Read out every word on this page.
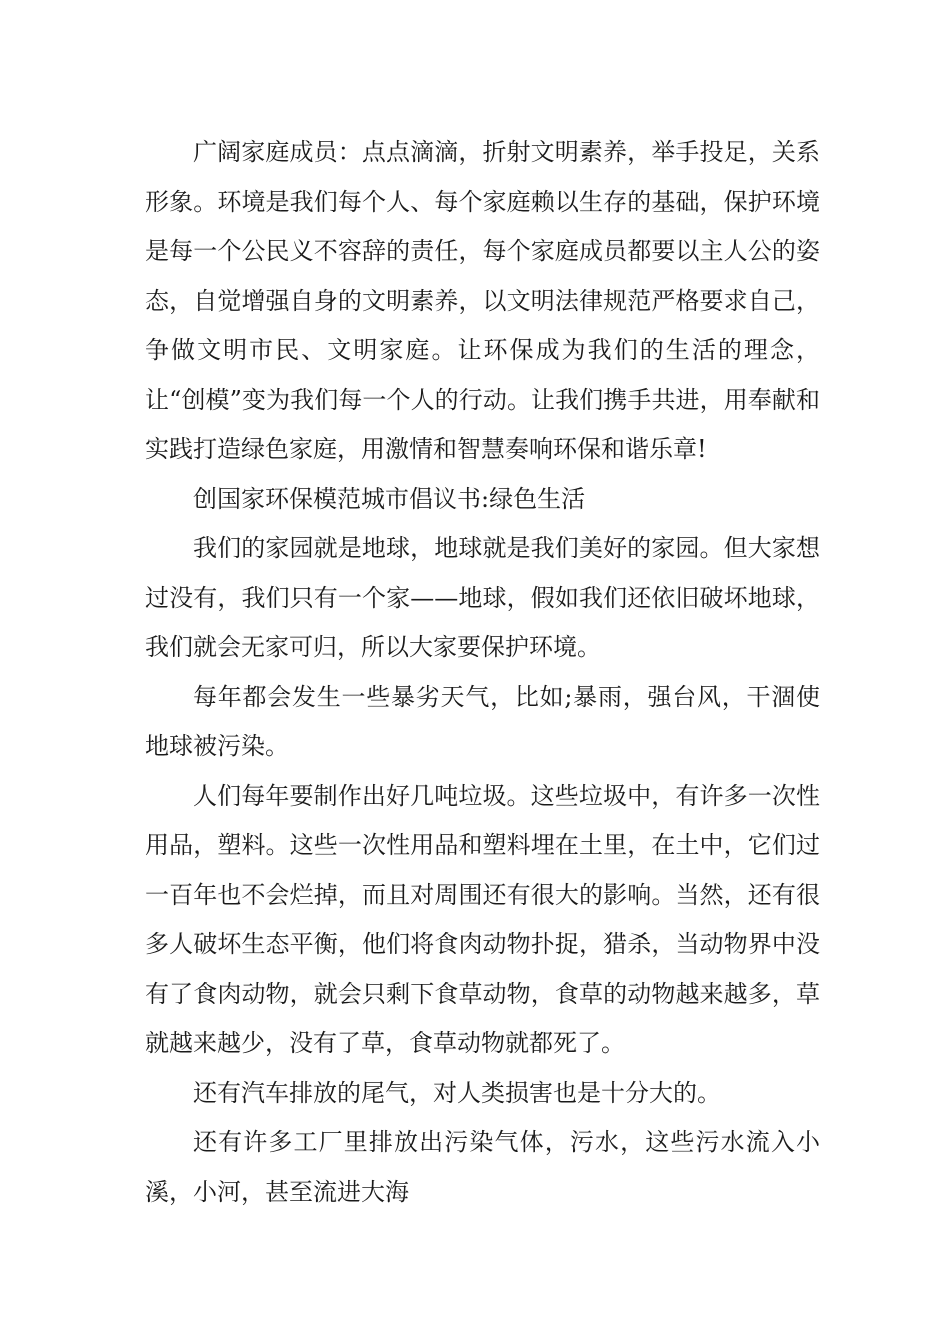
广阔家庭成员：点点滴滴，折射文明素养，举手投足，关系形象。环境是我们每个人、每个家庭赖以生存的基础，保护环境是每一个公民义不容辞的责任，每个家庭成员都要以主人公的姿态，自觉增强自身的文明素养，以文明法律规范严格要求自己，争做文明市民、文明家庭。让环保成为我们的生活的理念，让“创模”变为我们每一个人的行动。让我们携手共进，用奉献和实践打造绿色家庭，用激情和智慧奏响环保和谐乐章!

创国家环保模范城市倡议书:绿色生活

我们的家园就是地球，地球就是我们美好的家园。但大家想过没有，我们只有一个家——地球，假如我们还依旧破坏地球，我们就会无家可归，所以大家要保护环境。

每年都会发生一些暴劣天气，比如;暴雨，强台风，干涸使地球被污染。

人们每年要制作出好几吨垃圾。这些垃圾中，有许多一次性用品，塑料。这些一次性用品和塑料埋在土里，在土中，它们过一百年也不会烂掉，而且对周围还有很大的影响。当然，还有很多人破坏生态平衡，他们将食肉动物扑捉，猎杀，当动物界中没有了食肉动物，就会只剩下食草动物，食草的动物越来越多，草就越来越少，没有了草，食草动物就都死了。

还有汽车排放的尾气，对人类损害也是十分大的。

还有许多工厂里排放出污染气体，污水，这些污水流入小溪，小河，甚至流进大海
